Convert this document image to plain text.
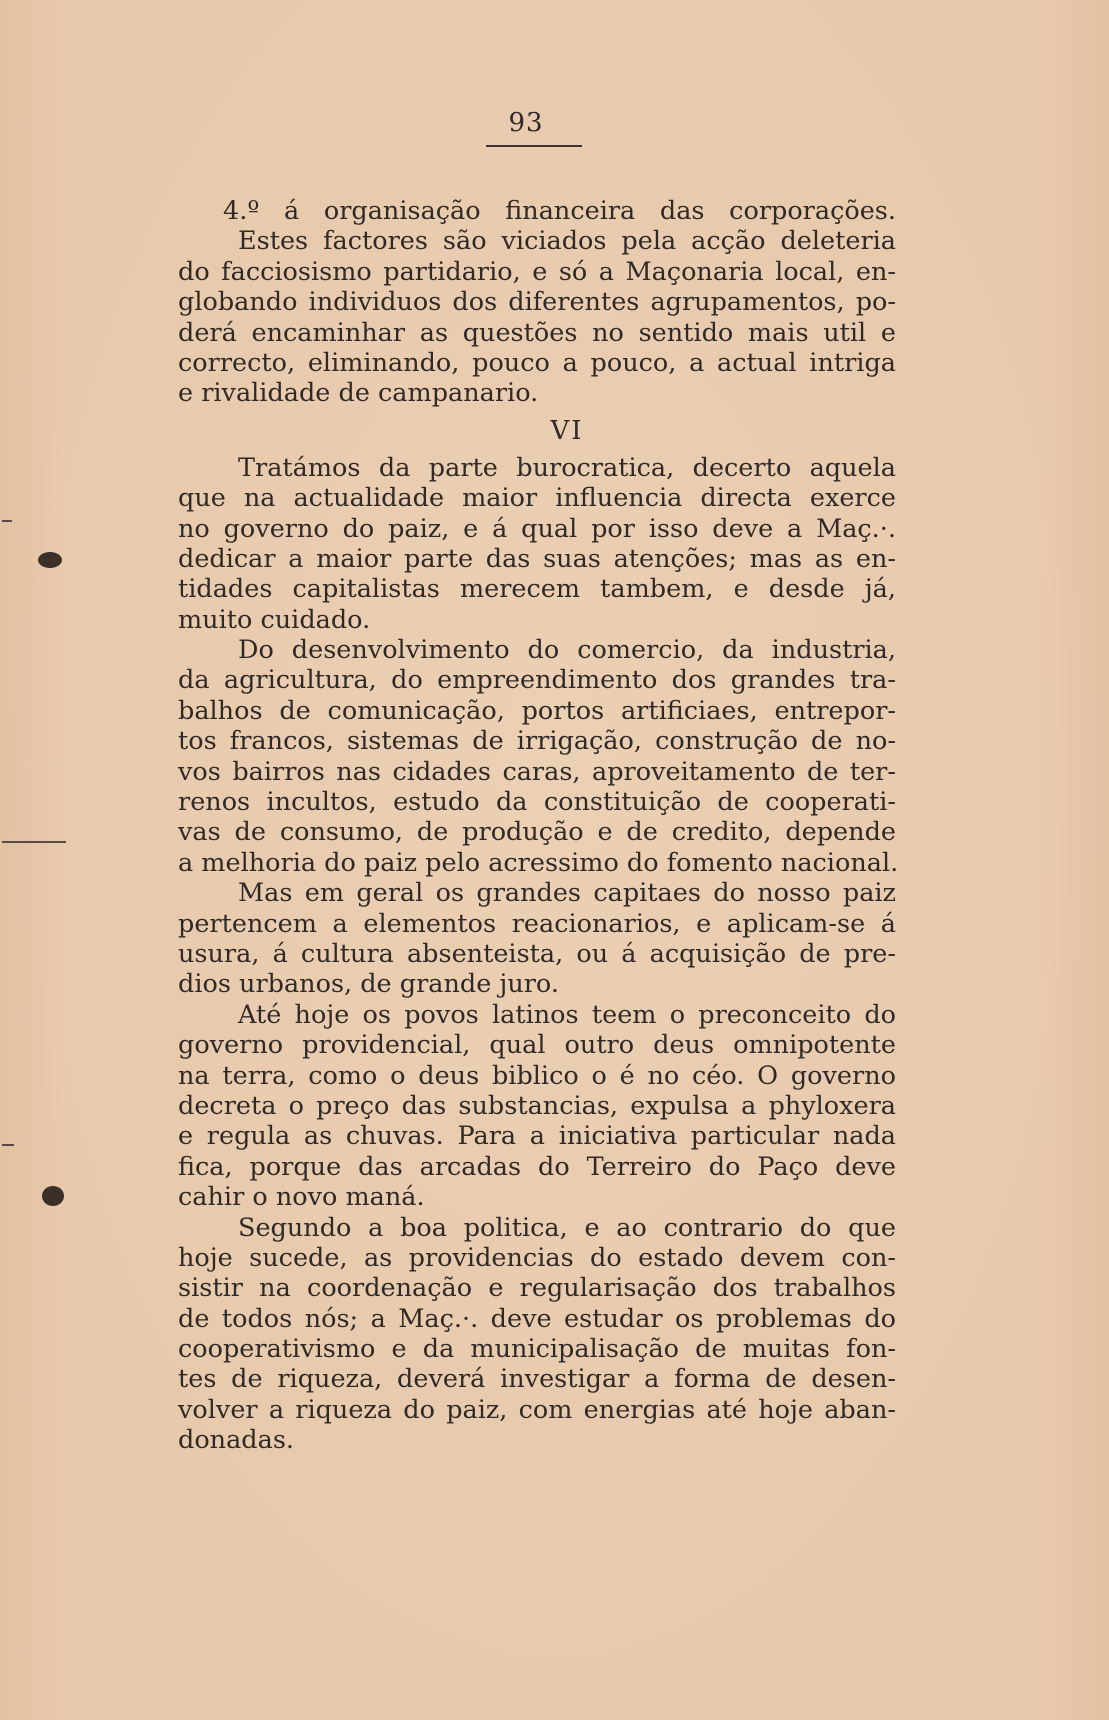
93
4.º á organisação financeira das corporações.
Estes factores são viciados pela acção deleteria
do facciosismo partidario, e só a Maçonaria local, en-
globando individuos dos diferentes agrupamentos, po-
derá encaminhar as questões no sentido mais util e
correcto, eliminando, pouco a pouco, a actual intriga
e rivalidade de campanario.
VI
Tratámos da parte burocratica, decerto aquela
que na actualidade maior influencia directa exerce
no governo do paiz, e á qual por isso deve a Maç.·.
dedicar a maior parte das suas atenções; mas as en-
tidades capitalistas merecem tambem, e desde já,
muito cuidado.
Do desenvolvimento do comercio, da industria,
da agricultura, do empreendimento dos grandes tra-
balhos de comunicação, portos artificiaes, entrepor-
tos francos, sistemas de irrigação, construção de no-
vos bairros nas cidades caras, aproveitamento de ter-
renos incultos, estudo da constituição de cooperati-
vas de consumo, de produção e de credito, depende
a melhoria do paiz pelo acressimo do fomento nacional.
Mas em geral os grandes capitaes do nosso paiz
pertencem a elementos reacionarios, e aplicam-se á
usura, á cultura absenteista, ou á acquisição de pre-
dios urbanos, de grande juro.
Até hoje os povos latinos teem o preconceito do
governo providencial, qual outro deus omnipotente
na terra, como o deus biblico o é no céo. O governo
decreta o preço das substancias, expulsa a phyloxera
e regula as chuvas. Para a iniciativa particular nada
fica, porque das arcadas do Terreiro do Paço deve
cahir o novo maná.
Segundo a boa politica, e ao contrario do que
hoje sucede, as providencias do estado devem con-
sistir na coordenação e regularisação dos trabalhos
de todos nós; a Maç.·. deve estudar os problemas do
cooperativismo e da municipalisação de muitas fon-
tes de riqueza, deverá investigar a forma de desen-
volver a riqueza do paiz, com energias até hoje aban-
donadas.
